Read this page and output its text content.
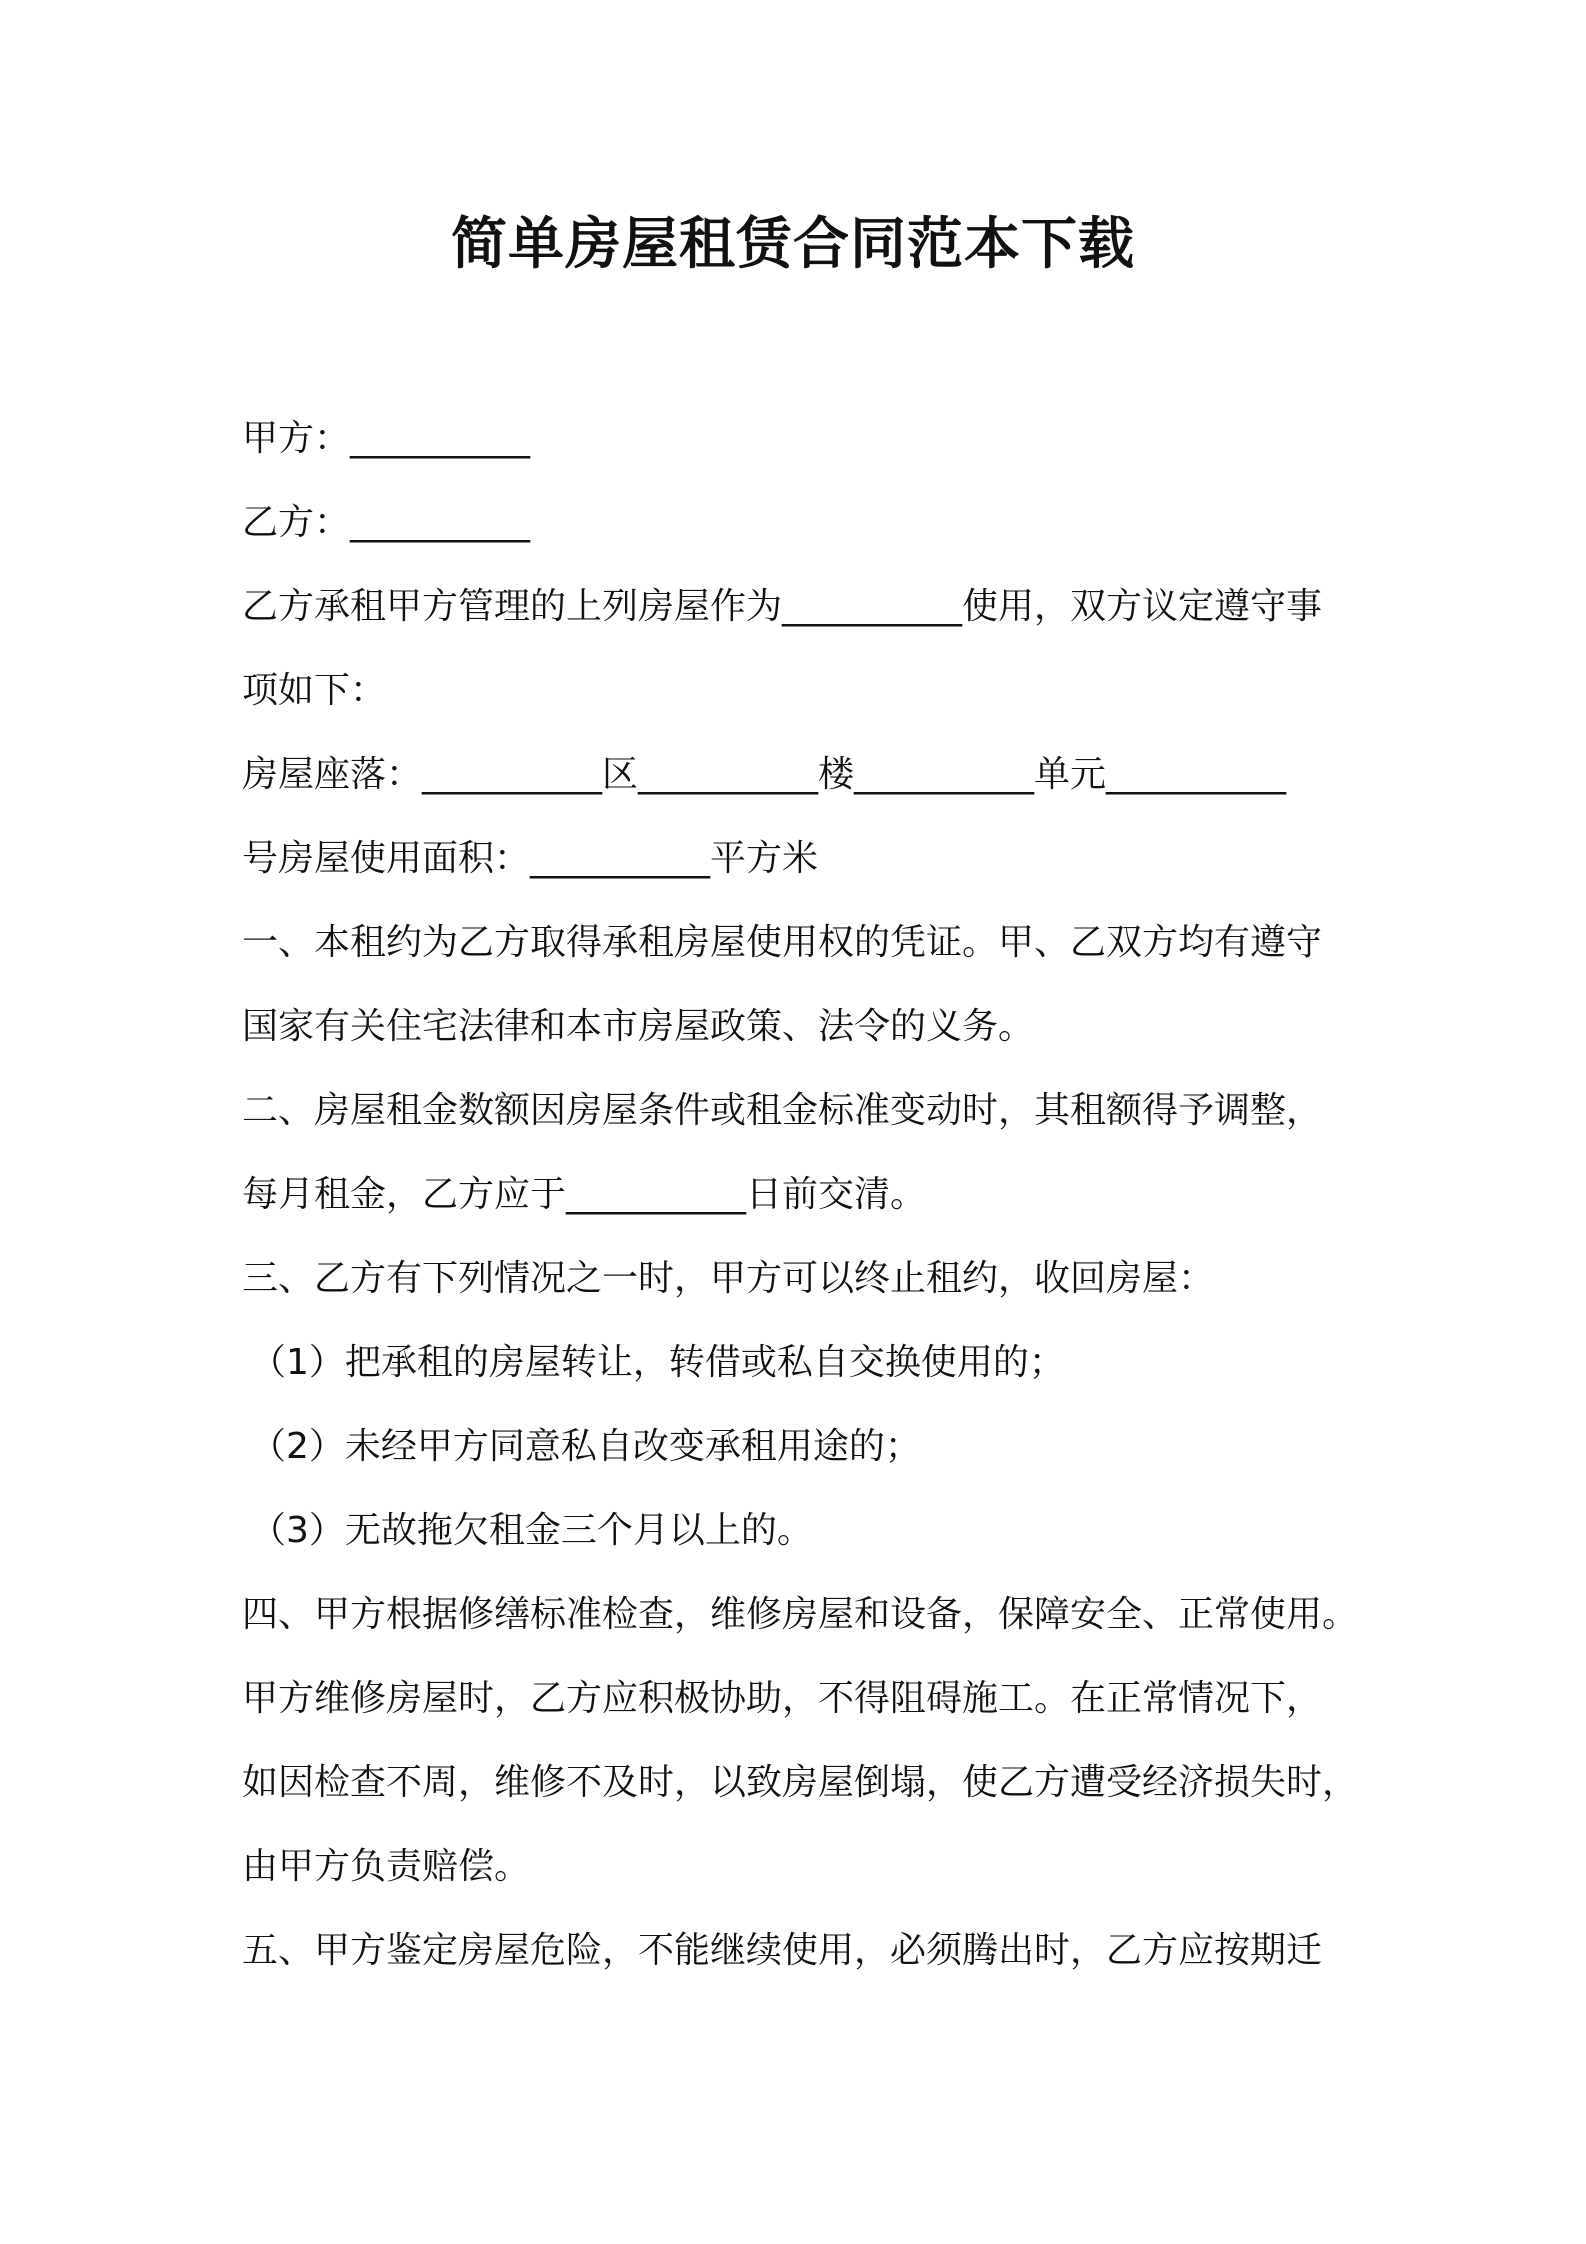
简单房屋租赁合同范本下载
甲方：__________
乙方：__________
乙方承租甲方管理的上列房屋作为__________使用，双方议定遵守事
项如下：
房屋座落：__________区__________楼__________单元__________
号房屋使用面积：__________平方米
一、本租约为乙方取得承租房屋使用权的凭证。甲、乙双方均有遵守
国家有关住宅法律和本市房屋政策、法令的义务。
二、房屋租金数额因房屋条件或租金标准变动时，其租额得予调整，
每月租金，乙方应于__________日前交清。
三、乙方有下列情况之一时，甲方可以终止租约，收回房屋：
（1）把承租的房屋转让，转借或私自交换使用的；
（2）未经甲方同意私自改变承租用途的；
（3）无故拖欠租金三个月以上的。
四、甲方根据修缮标准检查，维修房屋和设备，保障安全、正常使用。
甲方维修房屋时，乙方应积极协助，不得阻碍施工。在正常情况下，
如因检查不周，维修不及时，以致房屋倒塌，使乙方遭受经济损失时，
由甲方负责赔偿。
五、甲方鉴定房屋危险，不能继续使用，必须腾出时，乙方应按期迁
